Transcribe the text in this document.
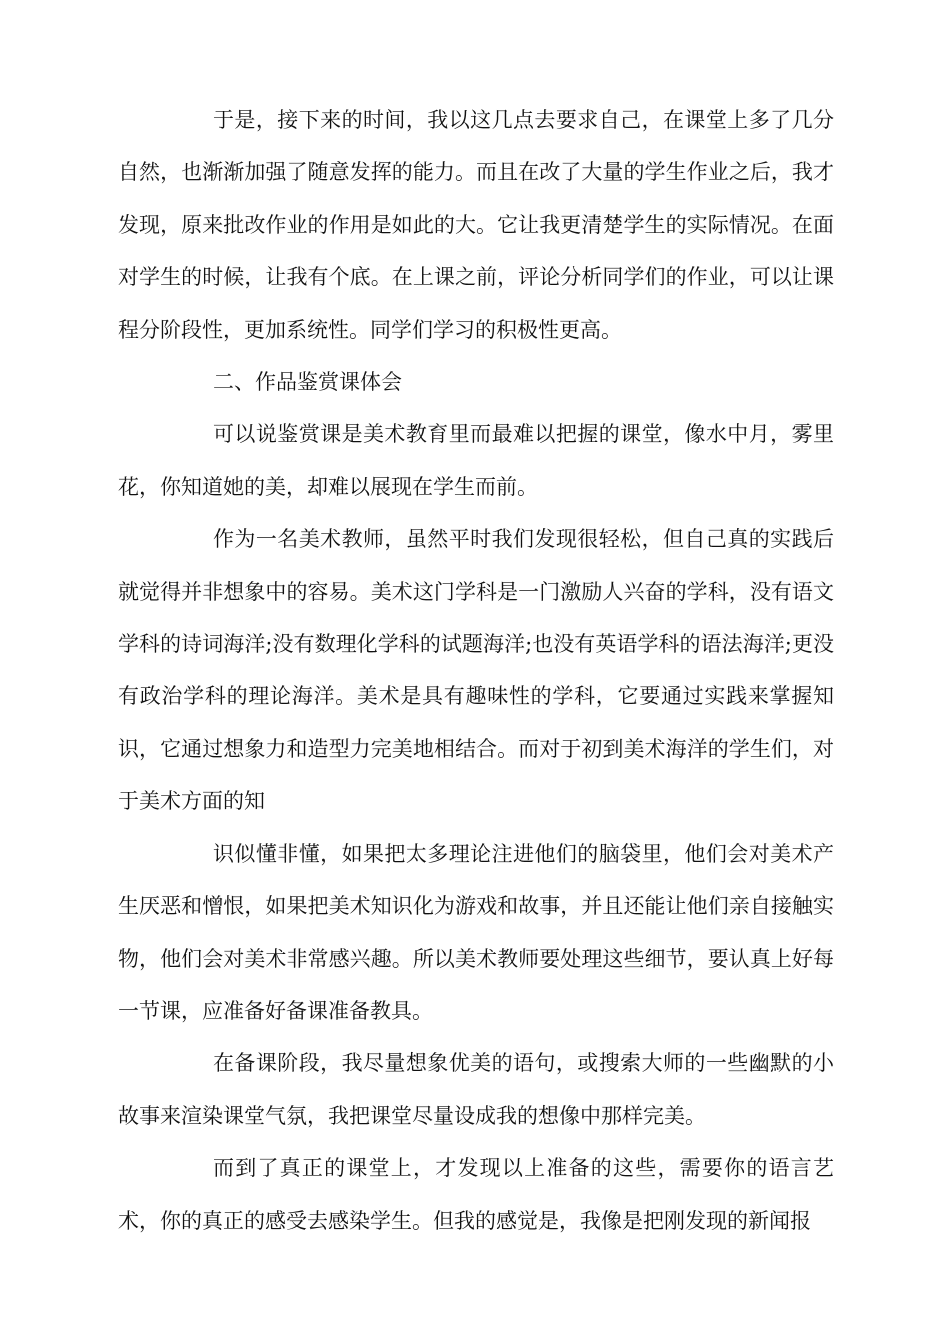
于是，接下来的时间，我以这几点去要求自己，在课堂上多了几分自然，也渐渐加强了随意发挥的能力。而且在改了大量的学生作业之后，我才发现，原来批改作业的作用是如此的大。它让我更清楚学生的实际情况。在面对学生的时候，让我有个底。在上课之前，评论分析同学们的作业，可以让课程分阶段性，更加系统性。同学们学习的积极性更高。

二、作品鉴赏课体会

可以说鉴赏课是美术教育里而最难以把握的课堂，像水中月，雾里花，你知道她的美，却难以展现在学生而前。

作为一名美术教师，虽然平时我们发现很轻松，但自己真的实践后就觉得并非想象中的容易。美术这门学科是一门激励人兴奋的学科，没有语文学科的诗词海洋;没有数理化学科的试题海洋;也没有英语学科的语法海洋;更没有政治学科的理论海洋。美术是具有趣味性的学科，它要通过实践来掌握知识，它通过想象力和造型力完美地相结合。而对于初到美术海洋的学生们，对于美术方面的知

识似懂非懂，如果把太多理论注进他们的脑袋里，他们会对美术产生厌恶和憎恨，如果把美术知识化为游戏和故事，并且还能让他们亲自接触实物，他们会对美术非常感兴趣。所以美术教师要处理这些细节，要认真上好每一节课，应准备好备课准备教具。

在备课阶段，我尽量想象优美的语句，或搜索大师的一些幽默的小故事来渲染课堂气氛，我把课堂尽量设成我的想像中那样完美。

而到了真正的课堂上，才发现以上准备的这些，需要你的语言艺术，你的真正的感受去感染学生。但我的感觉是，我像是把刚发现的新闻报
